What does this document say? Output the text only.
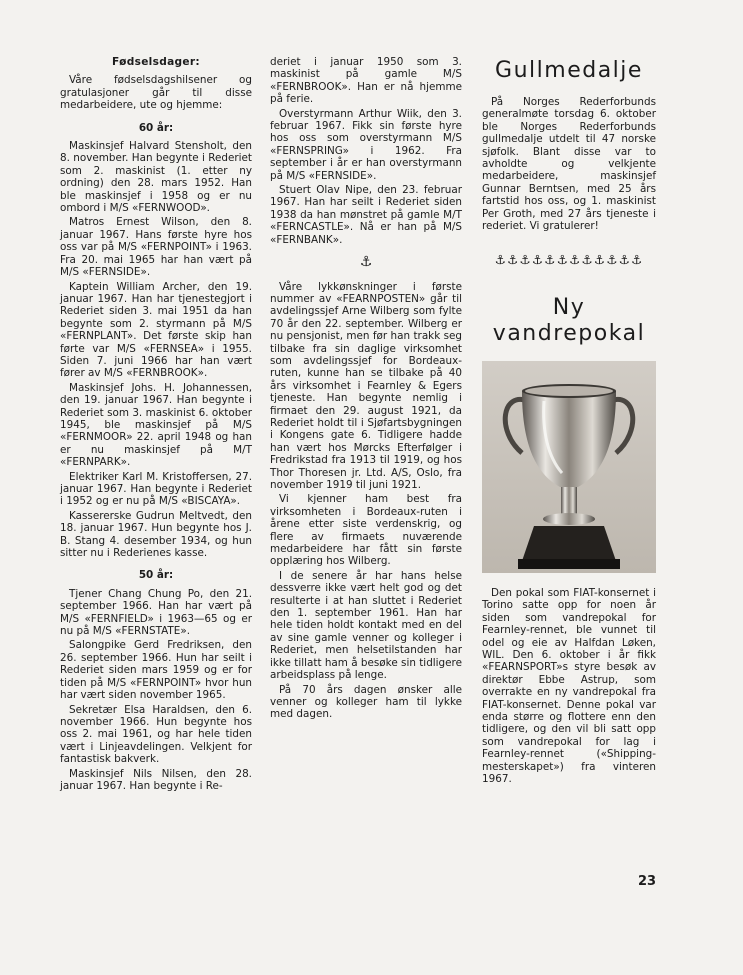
Fødselsdager:

Våre fødselsdagshilsener og gratulasjoner går til disse medarbeidere, ute og hjemme:

60 år:

Maskinsjef Halvard Stensholt, den 8. november. Han begynte i Rederiet som 2. maskinist (1. etter ny ordning) den 28. mars 1952. Han ble maskinsjef i 1958 og er nu ombord i M/S «FERNWOOD».

Matros Ernest Wilson, den 8. januar 1967. Hans første hyre hos oss var på M/S «FERNPOINT» i 1963. Fra 20. mai 1965 har han vært på M/S «FERNSIDE».

Kaptein William Archer, den 19. januar 1967. Han har tjenestegjort i Rederiet siden 3. mai 1951 da han begynte som 2. styrmann på M/S «FERNPLANT». Det første skip han førte var M/S «FERNSEA» i 1955. Siden 7. juni 1966 har han vært fører av M/S «FERNBROOK».

Maskinsjef Johs. H. Johannessen, den 19. januar 1967. Han begynte i Rederiet som 3. maskinist 6. oktober 1945, ble maskinsjef på M/S «FERNMOOR» 22. april 1948 og han er nu maskinsjef på M/T «FERNPARK».

Elektriker Karl M. Kristoffersen, 27. januar 1967. Han begynte i Rederiet i 1952 og er nu på M/S «BISCAYA».

Kassererske Gudrun Meltvedt, den 18. januar 1967. Hun begynte hos J. B. Stang 4. desember 1934, og hun sitter nu i Rederienes kasse.

50 år:

Tjener Chang Chung Po, den 21. september 1966. Han har vært på M/S «FERNFIELD» i 1963—65 og er nu på M/S «FERNSTATE».

Salongpike Gerd Fredriksen, den 26. september 1966. Hun har seilt i Rederiet siden mars 1959 og er for tiden på M/S «FERNPOINT» hvor hun har vært siden november 1965.

Sekretær Elsa Haraldsen, den 6. november 1966. Hun begynte hos oss 2. mai 1961, og har hele tiden vært i Linjeavdelingen. Velkjent for fantastisk bakverk.

Maskinsjef Nils Nilsen, den 28. januar 1967. Han begynte i Re-

deriet i januar 1950 som 3. maskinist på gamle M/S «FERNBROOK». Han er nå hjemme på ferie.

Overstyrmann Arthur Wiik, den 3. februar 1967. Fikk sin første hyre hos oss som overstyrmann M/S «FERNSPRING» i 1962. Fra september i år er han overstyrmann på M/S «FERNSIDE».

Stuert Olav Nipe, den 23. februar 1967. Han har seilt i Rederiet siden 1938 da han mønstret på gamle M/T «FERNCASTLE». Nå er han på M/S «FERNBANK».

⚓

Våre lykkønskninger i første nummer av «FEARNPOSTEN» går til avdelingssjef Arne Wilberg som fylte 70 år den 22. september. Wilberg er nu pensjonist, men før han trakk seg tilbake fra sin daglige virksomhet som avdelingssjef for Bordeaux-ruten, kunne han se tilbake på 40 års virksomhet i Fearnley & Egers tjeneste. Han begynte nemlig i firmaet den 29. august 1921, da Rederiet holdt til i Sjøfartsbygningen i Kongens gate 6. Tidligere hadde han vært hos Mørcks Efterfølger i Fredrikstad fra 1913 til 1919, og hos Thor Thoresen jr. Ltd. A/S, Oslo, fra november 1919 til juni 1921.

Vi kjenner ham best fra virksomheten i Bordeaux-ruten i årene etter siste verdenskrig, og flere av firmaets nuværende medarbeidere har fått sin første opplæring hos Wilberg.

I de senere år har hans helse dessverre ikke vært helt god og det resulterte i at han sluttet i Rederiet den 1. september 1961. Han har hele tiden holdt kontakt med en del av sine gamle venner og kolleger i Rederiet, men helsetilstanden har ikke tillatt ham å besøke sin tidligere arbeidsplass på lenge.

På 70 års dagen ønsker alle venner og kolleger ham til lykke med dagen.

Gullmedalje

På Norges Rederforbunds generalmøte torsdag 6. oktober ble Norges Rederforbunds gullmedalje utdelt til 47 norske sjøfolk. Blant disse var to avholdte og velkjente medarbeidere, maskinsjef Gunnar Berntsen, med 25 års fartstid hos oss, og 1. maskinist Per Groth, med 27 års tjeneste i rederiet. Vi gratulerer!

⚓⚓⚓⚓⚓⚓⚓⚓⚓⚓⚓⚓
Ny vandrepokal

Den pokal som FIAT-konsernet i Torino satte opp for noen år siden som vandrepokal for Fearnley-rennet, ble vunnet til odel og eie av Halfdan Løken, WIL. Den 6. oktober i år fikk «FEARNSPORT»s styre besøk av direktør Ebbe Astrup, som overrakte en ny vandrepokal fra FIAT-konsernet. Denne pokal var enda større og flottere enn den tidligere, og den vil bli satt opp som vandrepokal for lag i Fearnley-rennet («Shipping-mesterskapet») fra vinteren 1967.

23
